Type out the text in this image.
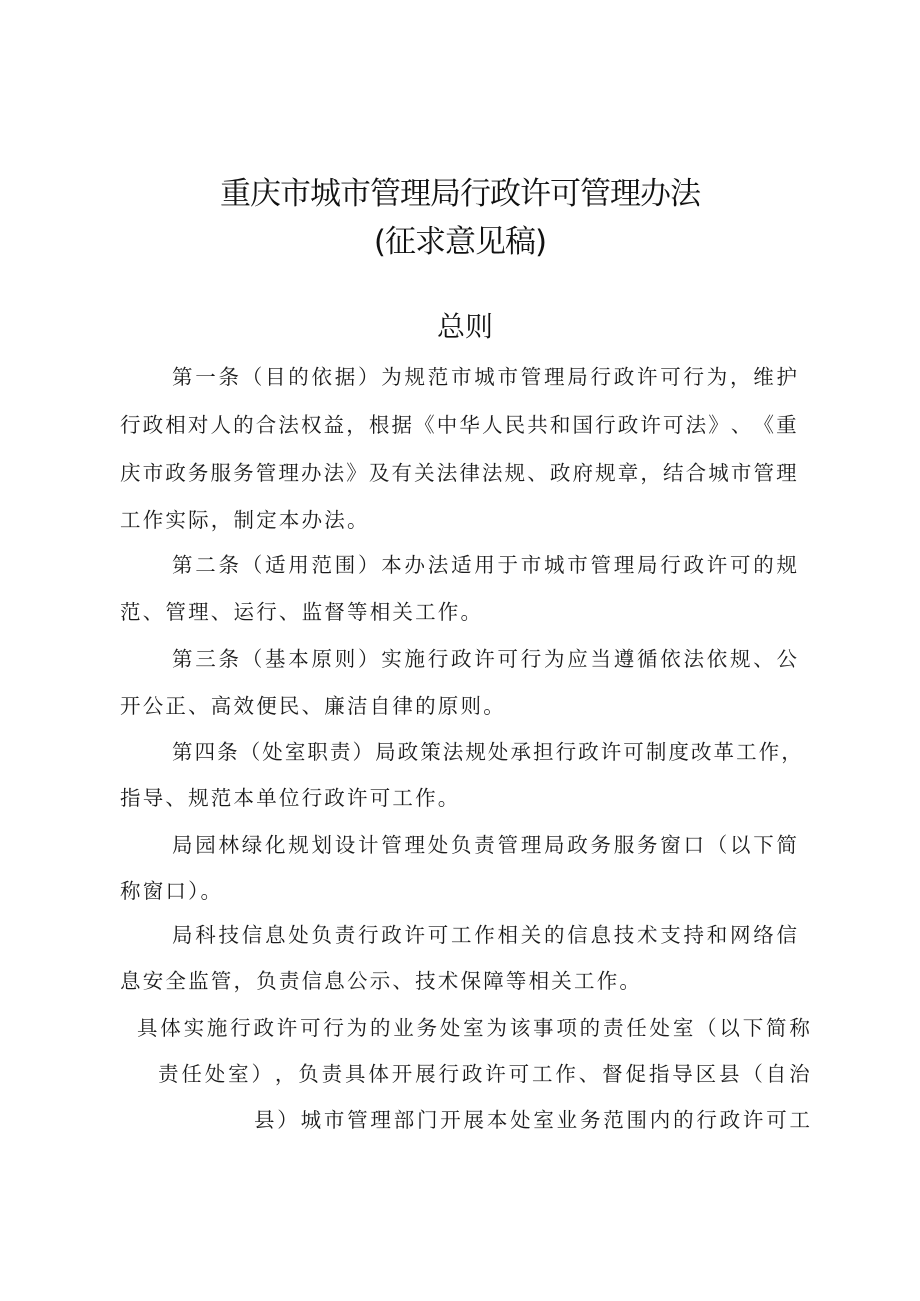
重庆市城市管理局行政许可管理办法
(征求意见稿)
总则
第 一 条 （ 目 的 依 据 ） 为 规 范 市 城 市 管 理 局 行 政 许 可 行 为 ， 维 护
行 政 相 对 人 的 合 法 权 益 ， 根 据 《 中 华 人 民 共 和 国 行 政 许 可 法 》 、 《 重
庆 市 政 务 服 务 管 理 办 法 》 及 有 关 法 律 法 规 、 政 府 规 章 ， 结 合 城 市 管 理
工作实际，制定本办法。
第 二 条 （ 适 用 范 围 ） 本 办 法 适 用 于 市 城 市 管 理 局 行 政 许 可 的 规
范、管理、运行、监督等相关工作。
第 三 条 （ 基 本 原 则 ） 实 施 行 政 许 可 行 为 应 当 遵 循 依 法 依 规 、 公
开公正、高效便民、廉洁自律的原则。
第 四 条 （ 处 室 职 责 ） 局 政 策 法 规 处 承 担 行 政 许 可 制 度 改 革 工 作 ，
指导、规范本单位行政许可工作。
局 园 林 绿 化 规 划 设 计 管 理 处 负 责 管 理 局 政 务 服 务 窗 口 （ 以 下 简
称窗口）。
局 科 技 信 息 处 负 责 行 政 许 可 工 作 相 关 的 信 息 技 术 支 持 和 网 络 信
息安全监管，负责信息公示、技术保障等相关工作。
具 体 实 施 行 政 许 可 行 为 的 业 务 处 室 为 该 事 项 的 责 任 处 室 （ 以 下 简 称
责 任 处 室 ） ， 负 责 具 体 开 展 行 政 许 可 工 作 、 督 促 指 导 区 县 （ 自 治
县 ） 城 市 管 理 部 门 开 展 本 处 室 业 务 范 围 内 的 行 政 许 可 工
